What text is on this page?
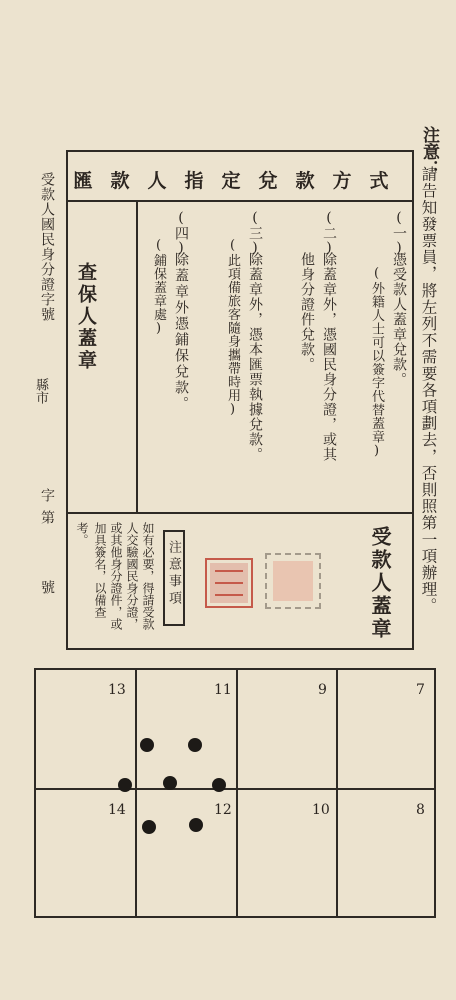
注意：
請告知發票員，將左列不需要各項劃去，否則照第一項辦理。
受款人國民身分證字號
縣市
字第
號
匯款人指定兌款方式
(一)
憑受款人蓋章兌款。
(外籍人士可以簽字代替蓋章)
(二)
除蓋章外，憑國民身分證，或其
他身分證件兌款。
(三)
除蓋章外，憑本匯票執據兌款。
(此項備旅客隨身攜帶時用)
(四)
除蓋章外憑鋪保兌款。
(鋪保蓋章處)
查保人蓋章
受款人蓋章
注意事項
如有必要，得請受款
人交驗國民身分證，
或其他身分證件，或
加具簽名，以備查
考。
13	11	9	7
14	12	10	8
